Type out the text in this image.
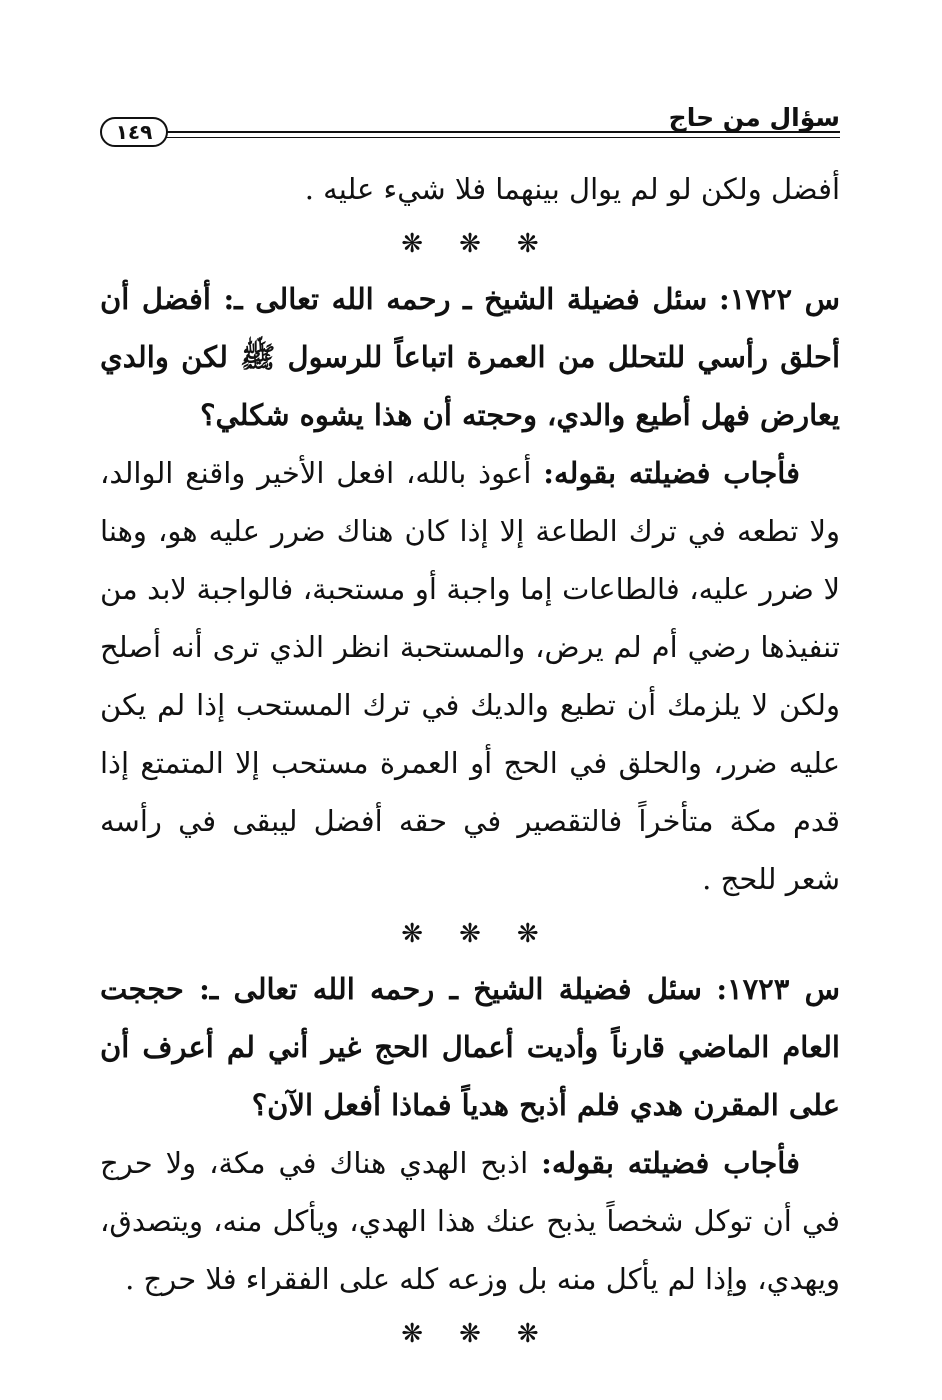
سؤال من حاج
١٤٩

أفضل ولكن لو لم يوال بينهما فلا شيء عليه .

❋ ❋ ❋

س ١٧٢٢: سئل فضيلة الشيخ ـ رحمه الله تعالى ـ: أفضل أن أحلق رأسي للتحلل من العمرة اتباعاً للرسول ﷺ لكن والدي يعارض فهل أطيع والدي، وحجته أن هذا يشوه شكلي؟

فأجاب فضيلته بقوله: أعوذ بالله، افعل الأخير واقنع الوالد، ولا تطعه في ترك الطاعة إلا إذا كان هناك ضرر عليه هو، وهنا لا ضرر عليه، فالطاعات إما واجبة أو مستحبة، فالواجبة لابد من تنفيذها رضي أم لم يرض، والمستحبة انظر الذي ترى أنه أصلح ولكن لا يلزمك أن تطيع والديك في ترك المستحب إذا لم يكن عليه ضرر، والحلق في الحج أو العمرة مستحب إلا المتمتع إذا قدم مكة متأخراً فالتقصير في حقه أفضل ليبقى في رأسه شعر للحج .

❋ ❋ ❋

س ١٧٢٣: سئل فضيلة الشيخ ـ رحمه الله تعالى ـ: حججت العام الماضي قارناً وأديت أعمال الحج غير أني لم أعرف أن على المقرن هدي فلم أذبح هدياً فماذا أفعل الآن؟

فأجاب فضيلته بقوله: اذبح الهدي هناك في مكة، ولا حرج في أن توكل شخصاً يذبح عنك هذا الهدي، ويأكل منه، ويتصدق، ويهدي، وإذا لم يأكل منه بل وزعه كله على الفقراء فلا حرج .

❋ ❋ ❋
